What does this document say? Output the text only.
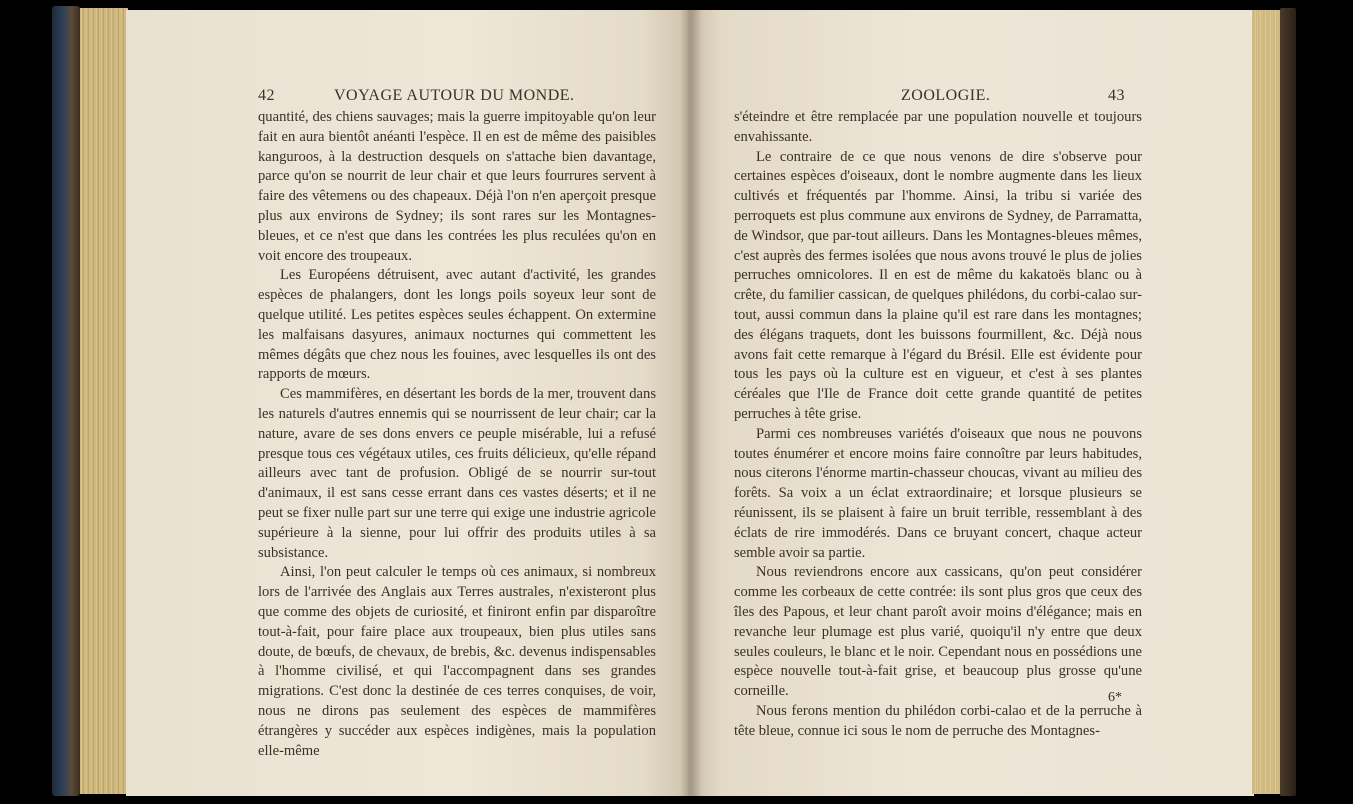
42	VOYAGE AUTOUR DU MONDE.

quantité, des chiens sauvages; mais la guerre impitoyable qu'on leur fait en aura bientôt anéanti l'espèce. Il en est de même des paisibles kanguroos, à la destruction desquels on s'attache bien davantage, parce qu'on se nourrit de leur chair et que leurs fourrures servent à faire des vêtemens ou des chapeaux. Déjà l'on n'en aperçoit presque plus aux environs de Sydney; ils sont rares sur les Montagnes-bleues, et ce n'est que dans les contrées les plus reculées qu'on en voit encore des troupeaux.

Les Européens détruisent, avec autant d'activité, les grandes espèces de phalangers, dont les longs poils soyeux leur sont de quelque utilité. Les petites espèces seules échappent. On extermine les malfaisans dasyures, animaux nocturnes qui commettent les mêmes dégâts que chez nous les fouines, avec lesquelles ils ont des rapports de mœurs.

Ces mammifères, en désertant les bords de la mer, trouvent dans les naturels d'autres ennemis qui se nourrissent de leur chair; car la nature, avare de ses dons envers ce peuple misérable, lui a refusé presque tous ces végétaux utiles, ces fruits délicieux, qu'elle répand ailleurs avec tant de profusion. Obligé de se nourrir sur-tout d'animaux, il est sans cesse errant dans ces vastes déserts; et il ne peut se fixer nulle part sur une terre qui exige une industrie agricole supérieure à la sienne, pour lui offrir des produits utiles à sa subsistance.

Ainsi, l'on peut calculer le temps où ces animaux, si nombreux lors de l'arrivée des Anglais aux Terres australes, n'existeront plus que comme des objets de curiosité, et finiront enfin par disparoître tout-à-fait, pour faire place aux troupeaux, bien plus utiles sans doute, de bœufs, de chevaux, de brebis, &c. devenus indispensables à l'homme civilisé, et qui l'accompagnent dans ses grandes migrations. C'est donc la destinée de ces terres conquises, de voir, nous ne dirons pas seulement des espèces de mammifères étrangères y succéder aux espèces indigènes, mais la population elle-même

ZOOLOGIE.	43

s'éteindre et être remplacée par une population nouvelle et toujours envahissante.

Le contraire de ce que nous venons de dire s'observe pour certaines espèces d'oiseaux, dont le nombre augmente dans les lieux cultivés et fréquentés par l'homme. Ainsi, la tribu si variée des perroquets est plus commune aux environs de Sydney, de Parramatta, de Windsor, que par-tout ailleurs. Dans les Montagnes-bleues mêmes, c'est auprès des fermes isolées que nous avons trouvé le plus de jolies perruches omnicolores. Il en est de même du kakatoës blanc ou à crête, du familier cassican, de quelques philédons, du corbi-calao sur-tout, aussi commun dans la plaine qu'il est rare dans les montagnes; des élégans traquets, dont les buissons fourmillent, &c. Déjà nous avons fait cette remarque à l'égard du Brésil. Elle est évidente pour tous les pays où la culture est en vigueur, et c'est à ses plantes céréales que l'Ile de France doit cette grande quantité de petites perruches à tête grise.

Parmi ces nombreuses variétés d'oiseaux que nous ne pouvons toutes énumérer et encore moins faire connoître par leurs habitudes, nous citerons l'énorme martin-chasseur choucas, vivant au milieu des forêts. Sa voix a un éclat extraordinaire; et lorsque plusieurs se réunissent, ils se plaisent à faire un bruit terrible, ressemblant à des éclats de rire immodérés. Dans ce bruyant concert, chaque acteur semble avoir sa partie.

Nous reviendrons encore aux cassicans, qu'on peut considérer comme les corbeaux de cette contrée: ils sont plus gros que ceux des îles des Papous, et leur chant paroît avoir moins d'élégance; mais en revanche leur plumage est plus varié, quoiqu'il n'y entre que deux seules couleurs, le blanc et le noir. Cependant nous en possédions une espèce nouvelle tout-à-fait grise, et beaucoup plus grosse qu'une corneille.

Nous ferons mention du philédon corbi-calao et de la perruche à tête bleue, connue ici sous le nom de perruche des Montagnes-

6*
